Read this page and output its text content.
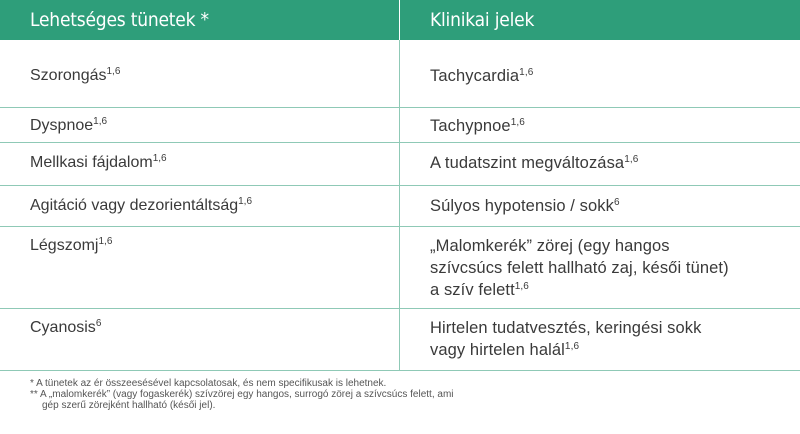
Lehetséges tünetek *	Klinikai jelek
Szorongás$^{1,6}$	Tachycardia$^{1,6}$
Dyspnoe$^{1,6}$	Tachypnoe$^{1,6}$
Mellkasi fájdalom$^{1,6}$	A tudatszint megváltozása$^{1,6}$
Agitáció vagy dezorientáltság$^{1,6}$	Súlyos hypotensio / sokk$^6$
Légszomj$^{1,6}$	„Malomkerék” zörej (egy hangos szívcsúcs felett hallható zaj, késői tünet) a szív felett$^{1,6}$
Cyanosis$^6$	Hirtelen tudatvesztés, keringési sokk vagy hirtelen halál$^{1,6}$
* A tünetek az ér összeesésével kapcsolatosak, és nem specifikusak is lehetnek.
** A „malomkerék” (vagy fogaskerék) szívzörej egy hangos, surrogó zörej a szívcsúcs felett, ami
gép szerű zörejként hallható (késői jel).
